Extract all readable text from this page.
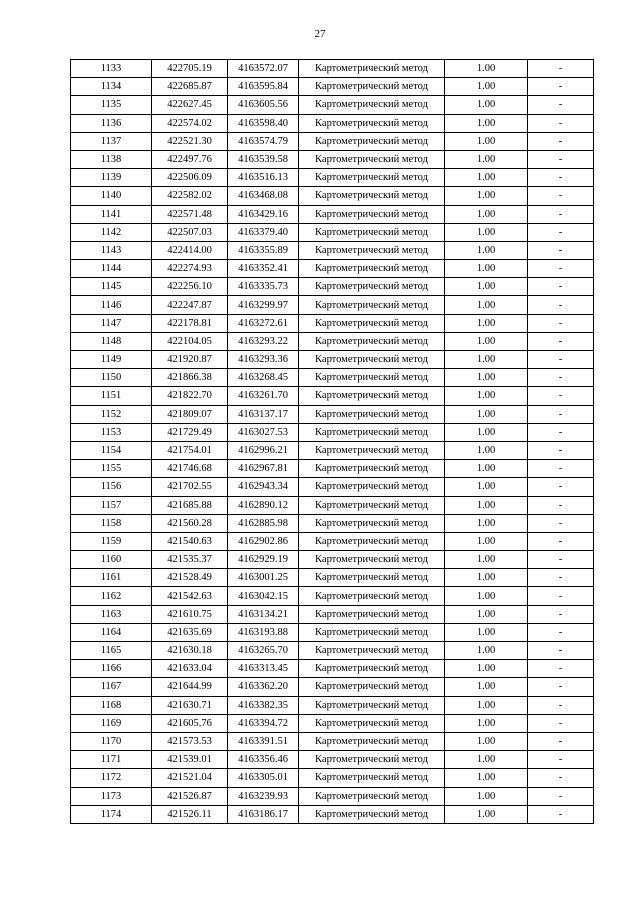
27
1133	422705.19	4163572.07	Картометрический метод	1.00	-
1134	422685.87	4163595.84	Картометрический метод	1.00	-
1135	422627.45	4163605.56	Картометрический метод	1.00	-
1136	422574.02	4163598.40	Картометрический метод	1.00	-
1137	422521.30	4163574.79	Картометрический метод	1.00	-
1138	422497.76	4163539.58	Картометрический метод	1.00	-
1139	422506.09	4163516.13	Картометрический метод	1.00	-
1140	422582.02	4163468.08	Картометрический метод	1.00	-
1141	422571.48	4163429.16	Картометрический метод	1.00	-
1142	422507.03	4163379.40	Картометрический метод	1.00	-
1143	422414.00	4163355.89	Картометрический метод	1.00	-
1144	422274.93	4163352.41	Картометрический метод	1.00	-
1145	422256.10	4163335.73	Картометрический метод	1.00	-
1146	422247.87	4163299.97	Картометрический метод	1.00	-
1147	422178.81	4163272.61	Картометрический метод	1.00	-
1148	422104.05	4163293.22	Картометрический метод	1.00	-
1149	421920.87	4163293.36	Картометрический метод	1.00	-
1150	421866.38	4163268.45	Картометрический метод	1.00	-
1151	421822.70	4163261.70	Картометрический метод	1.00	-
1152	421809.07	4163137.17	Картометрический метод	1.00	-
1153	421729.49	4163027.53	Картометрический метод	1.00	-
1154	421754.01	4162996.21	Картометрический метод	1.00	-
1155	421746.68	4162967.81	Картометрический метод	1.00	-
1156	421702.55	4162943.34	Картометрический метод	1.00	-
1157	421685.88	4162890.12	Картометрический метод	1.00	-
1158	421560.28	4162885.98	Картометрический метод	1.00	-
1159	421540.63	4162902.86	Картометрический метод	1.00	-
1160	421535.37	4162929.19	Картометрический метод	1.00	-
1161	421528.49	4163001.25	Картометрический метод	1.00	-
1162	421542.63	4163042.15	Картометрический метод	1.00	-
1163	421610.75	4163134.21	Картометрический метод	1.00	-
1164	421635.69	4163193.88	Картометрический метод	1.00	-
1165	421630.18	4163265.70	Картометрический метод	1.00	-
1166	421633.04	4163313.45	Картометрический метод	1.00	-
1167	421644.99	4163362.20	Картометрический метод	1.00	-
1168	421630.71	4163382.35	Картометрический метод	1.00	-
1169	421605.76	4163394.72	Картометрический метод	1.00	-
1170	421573.53	4163391.51	Картометрический метод	1.00	-
1171	421539.01	4163356.46	Картометрический метод	1.00	-
1172	421521.04	4163305.01	Картометрический метод	1.00	-
1173	421526.87	4163239.93	Картометрический метод	1.00	-
1174	421526.11	4163186.17	Картометрический метод	1.00	-
